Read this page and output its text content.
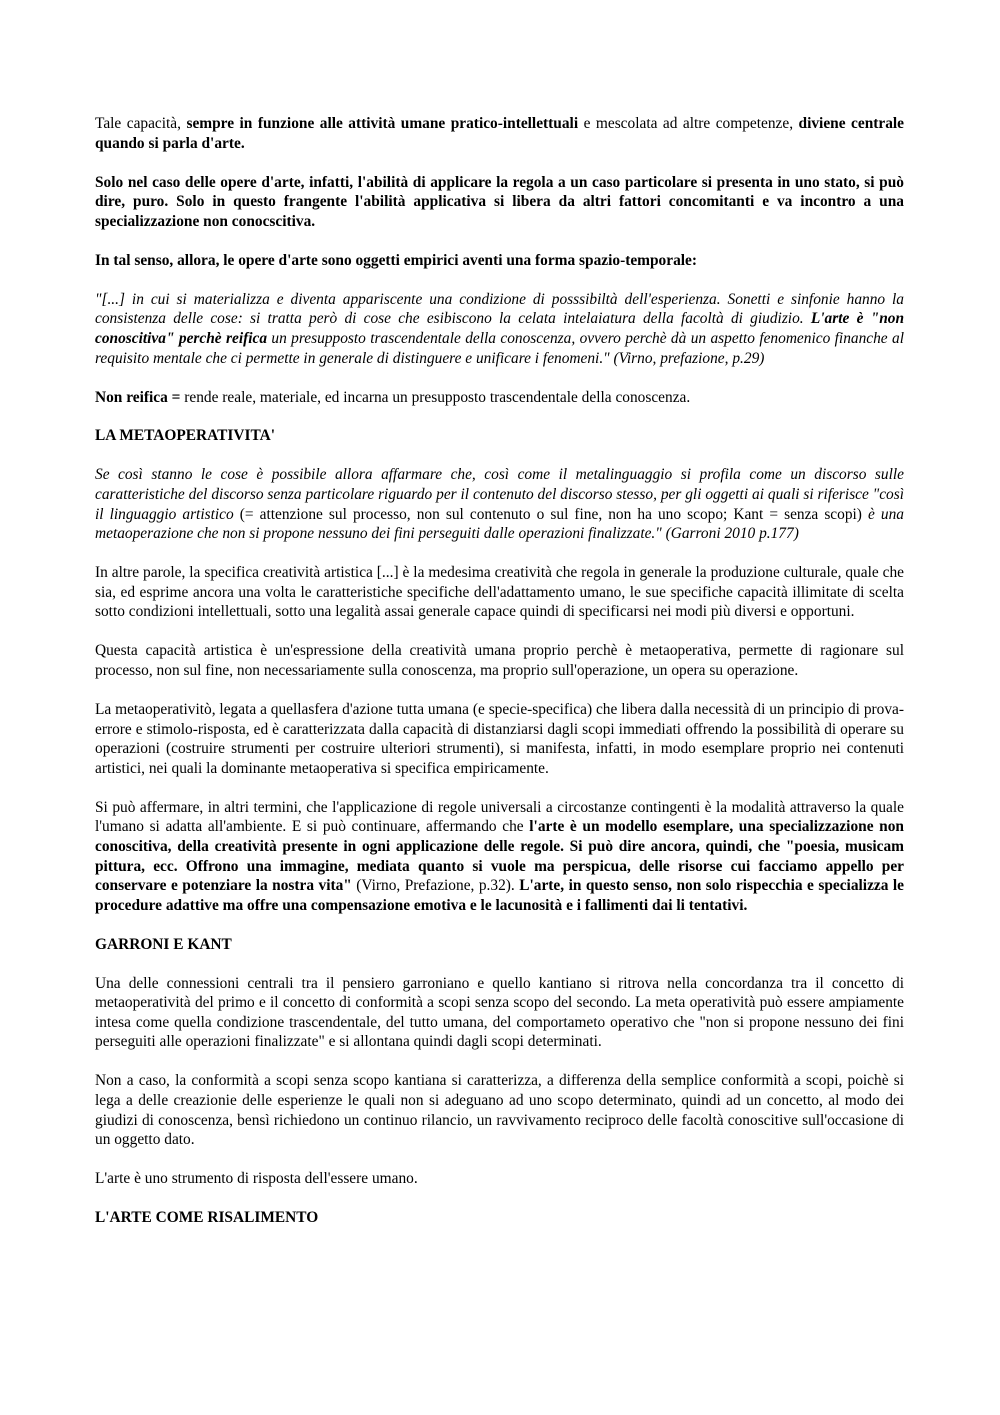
Tale capacità, sempre in funzione alle attività umane pratico-intellettuali e mescolata ad altre competenze, diviene centrale quando si parla d'arte.

Solo nel caso delle opere d'arte, infatti, l'abilità di applicare la regola a un caso particolare si presenta in uno stato, si può dire, puro. Solo in questo frangente l'abilità applicativa si libera da altri fattori concomitanti e va incontro a una specializzazione non conocscitiva.

In tal senso, allora, le opere d'arte sono oggetti empirici aventi una forma spazio-temporale:

"[...] in cui si materializza e diventa appariscente una condizione di posssibiltà dell'esperienza. Sonetti e sinfonie hanno la consistenza delle cose: si tratta però di cose che esibiscono la celata intelaiatura della facoltà di giudizio. L'arte è "non conoscitiva" perchè reifica un presupposto trascendentale della conoscenza, ovvero perchè dà un aspetto fenomenico finanche al requisito mentale che ci permette in generale di distinguere e unificare i fenomeni." (Virno, prefazione, p.29)

Non reifica = rende reale, materiale, ed incarna un presupposto trascendentale della conoscenza.

LA METAOPERATIVITA'

Se così stanno le cose è possibile allora affarmare che, così come il metalinguaggio si profila come un discorso sulle caratteristiche del discorso senza particolare riguardo per il contenuto del discorso stesso, per gli oggetti ai quali si riferisce "così il linguaggio artistico (= attenzione sul processo, non sul contenuto o sul fine, non ha uno scopo; Kant = senza scopi) è una metaoperazione che non si propone nessuno dei fini perseguiti dalle operazioni finalizzate." (Garroni 2010 p.177)

In altre parole, la specifica creatività artistica [...] è la medesima creatività che regola in generale la produzione culturale, quale che sia, ed esprime ancora una volta le caratteristiche specifiche dell'adattamento umano, le sue specifiche capacità illimitate di scelta sotto condizioni intellettuali, sotto una legalità assai generale capace quindi di specificarsi nei modi più diversi e opportuni.

Questa capacità artistica è un'espressione della creatività umana proprio perchè è metaoperativa, permette di ragionare sul processo, non sul fine, non necessariamente sulla conoscenza, ma proprio sull'operazione, un opera su operazione.

La metaoperativitò, legata a quellasfera d'azione tutta umana (e specie-specifica) che libera dalla necessità di un principio di prova-errore e stimolo-risposta, ed è caratterizzata dalla capacità di distanziarsi dagli scopi immediati offrendo la possibilità di operare su operazioni (costruire strumenti per costruire ulteriori strumenti), si manifesta, infatti, in modo esemplare proprio nei contenuti artistici, nei quali la dominante metaoperativa si specifica empiricamente.

Si può affermare, in altri termini, che l'applicazione di regole universali a circostanze contingenti è la modalità attraverso la quale l'umano si adatta all'ambiente. E si può continuare, affermando che l'arte è un modello esemplare, una specializzazione non conoscitiva, della creatività presente in ogni applicazione delle regole. Si può dire ancora, quindi, che "poesia, musicam pittura, ecc. Offrono una immagine, mediata quanto si vuole ma perspicua, delle risorse cui facciamo appello per conservare e potenziare la nostra vita" (Virno, Prefazione, p.32). L'arte, in questo senso, non solo rispecchia e specializza le procedure adattive ma offre una compensazione emotiva e le lacunosità e i fallimenti dai li tentativi.

GARRONI E KANT

Una delle connessioni centrali tra il pensiero garroniano e quello kantiano si ritrova nella concordanza tra il concetto di metaoperatività del primo e il concetto di conformità a scopi senza scopo del secondo. La meta operatività può essere ampiamente intesa come quella condizione trascendentale, del tutto umana, del comportameto operativo che "non si propone nessuno dei fini perseguiti alle operazioni finalizzate" e si allontana quindi dagli scopi determinati.

Non a caso, la conformità a scopi senza scopo kantiana si caratterizza, a differenza della semplice conformità a scopi, poichè si lega a delle creazionie delle esperienze le quali non si adeguano ad uno scopo determinato, quindi ad un concetto, al modo dei giudizi di conoscenza, bensì richiedono un continuo rilancio, un ravvivamento reciproco delle facoltà conoscitive sull'occasione di un oggetto dato.

L'arte è uno strumento di risposta dell'essere umano.

L'ARTE COME RISALIMENTO
